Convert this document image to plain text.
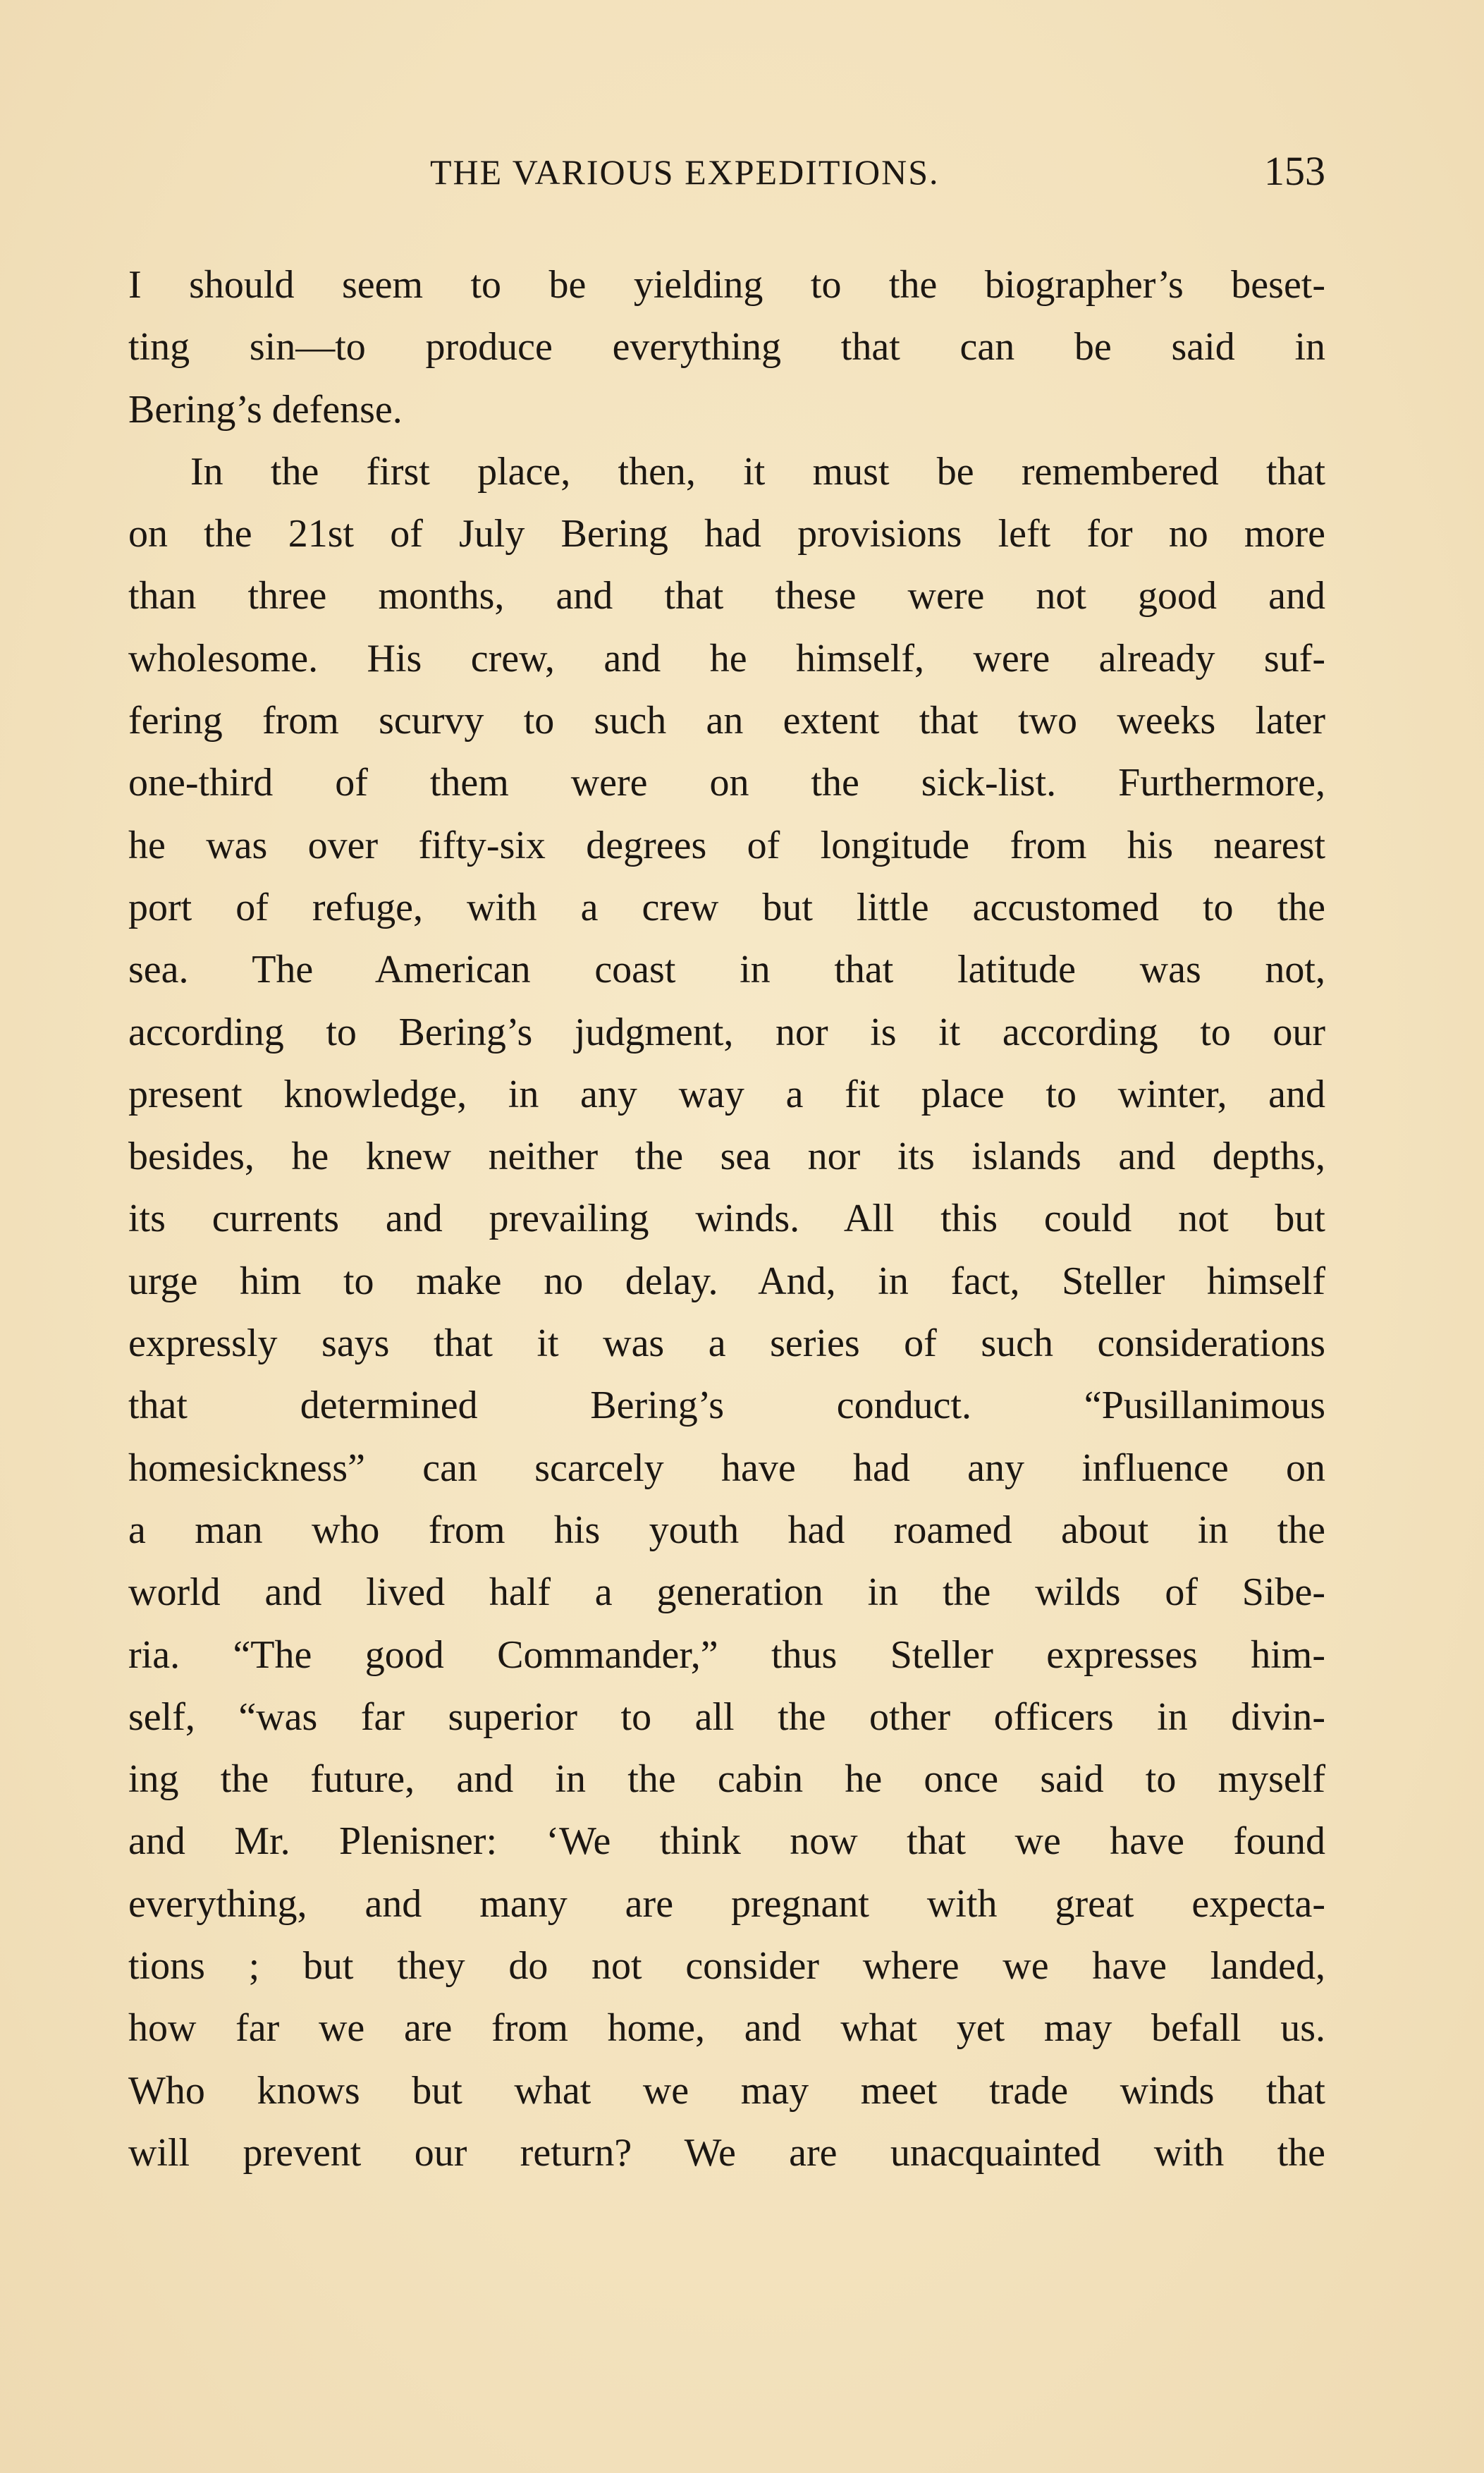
THE VARIOUS EXPEDITIONS.	153
I should seem to be yielding to the biographer’s beset-
ting sin—to produce everything that can be said in
Bering’s defense.
In the first place, then, it must be remembered that
on the 21st of July Bering had provisions left for no more
than three months, and that these were not good and
wholesome. His crew, and he himself, were already suf-
fering from scurvy to such an extent that two weeks later
one-third of them were on the sick-list. Furthermore,
he was over fifty-six degrees of longitude from his nearest
port of refuge, with a crew but little accustomed to the
sea. The American coast in that latitude was not,
according to Bering’s judgment, nor is it according to our
present knowledge, in any way a fit place to winter, and
besides, he knew neither the sea nor its islands and depths,
its currents and prevailing winds. All this could not but
urge him to make no delay. And, in fact, Steller himself
expressly says that it was a series of such considerations
that determined Bering’s conduct. “Pusillanimous
homesickness” can scarcely have had any influence on
a man who from his youth had roamed about in the
world and lived half a generation in the wilds of Sibe-
ria. “The good Commander,” thus Steller expresses him-
self, “was far superior to all the other officers in divin-
ing the future, and in the cabin he once said to myself
and Mr. Plenisner: ‘We think now that we have found
everything, and many are pregnant with great expecta-
tions ; but they do not consider where we have landed,
how far we are from home, and what yet may befall us.
Who knows but what we may meet trade winds that
will prevent our return? We are unacquainted with the
